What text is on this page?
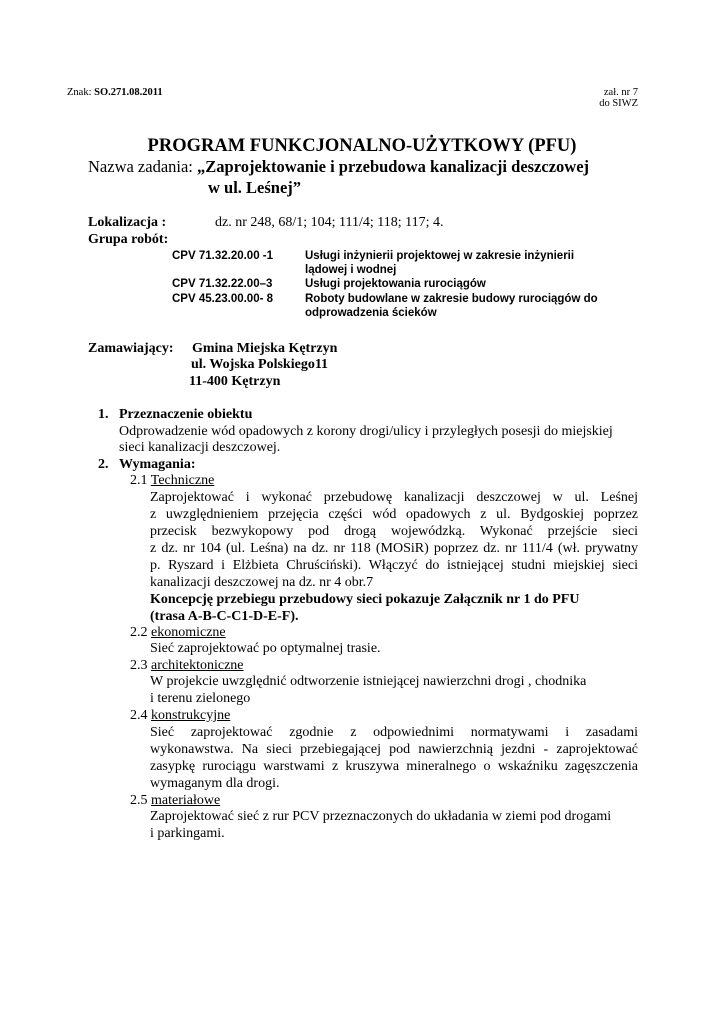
Znak: SO.271.08.2011	zał. nr 7
do SIWZ
PROGRAM FUNKCJONALNO-UŻYTKOWY (PFU)
Nazwa zadania: „Zaprojektowanie i przebudowa kanalizacji deszczowej
w ul. Leśnej”
Lokalizacja :	dz. nr 248, 68/1; 104; 111/4; 118; 117; 4.
Grupa robót:
CPV 71.32.20.00 -1	Usługi inżynierii projektowej w zakresie inżynierii
lądowej i wodnej
CPV 71.32.22.00–3	Usługi projektowania rurociągów
CPV 45.23.00.00- 8	Roboty budowlane w zakresie budowy rurociągów do
odprowadzenia ścieków
Zamawiający: Gmina Miejska Kętrzyn
ul. Wojska Polskiego11
11-400 Kętrzyn
1. Przeznaczenie obiektu
Odprowadzenie wód opadowych z korony drogi/ulicy i przyległych posesji do miejskiej
sieci kanalizacji deszczowej.
2. Wymagania:
2.1 Techniczne
Zaprojektować i wykonać przebudowę kanalizacji deszczowej w ul. Leśnej
z uwzględnieniem przejęcia części wód opadowych z ul. Bydgoskiej poprzez
przecisk bezwykopowy pod drogą wojewódzką. Wykonać przejście sieci
z dz. nr 104 (ul. Leśna) na dz. nr 118 (MOSiR) poprzez dz. nr 111/4 (wł. prywatny
p. Ryszard i Elżbieta Chruściński). Włączyć do istniejącej studni miejskiej sieci
kanalizacji deszczowej na dz. nr 4 obr.7
Koncepcję przebiegu przebudowy sieci pokazuje Załącznik nr 1 do PFU
(trasa A-B-C-C1-D-E-F).
2.2 ekonomiczne
Sieć zaprojektować po optymalnej trasie.
2.3 architektoniczne
W projekcie uwzględnić odtworzenie istniejącej nawierzchni drogi , chodnika
i terenu zielonego
2.4 konstrukcyjne
Sieć zaprojektować zgodnie z odpowiednimi normatywami i zasadami
wykonawstwa. Na sieci przebiegającej pod nawierzchnią jezdni - zaprojektować
zasypkę rurociągu warstwami z kruszywa mineralnego o wskaźniku zagęszczenia
wymaganym dla drogi.
2.5 materiałowe
Zaprojektować sieć z rur PCV przeznaczonych do układania w ziemi pod drogami
i parkingami.
